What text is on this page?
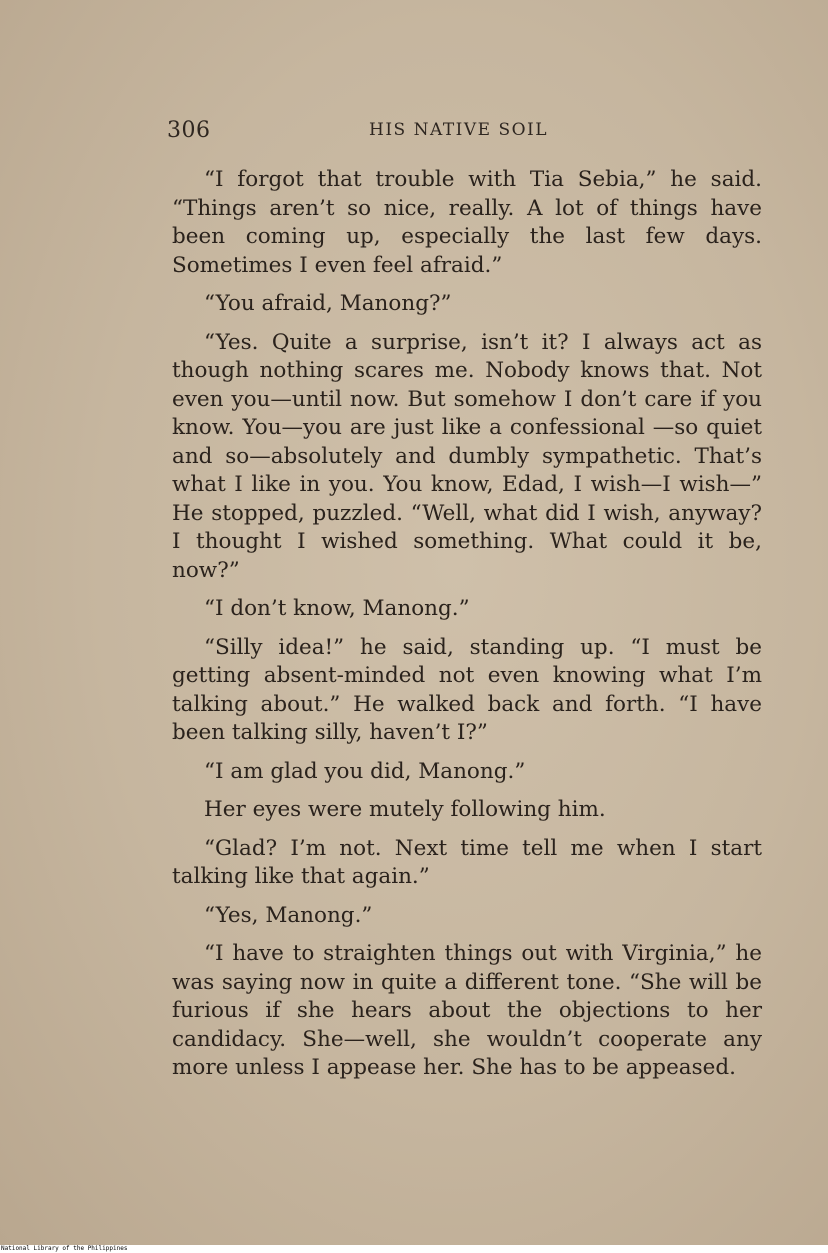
306	HIS NATIVE SOIL

“I forgot that trouble with Tia Sebia,” he said. “Things aren’t so nice, really. A lot of things have been coming up, especially the last few days. Sometimes I even feel afraid.”

“You afraid, Manong?”

“Yes. Quite a surprise, isn’t it? I always act as though nothing scares me. Nobody knows that. Not even you—until now. But somehow I don’t care if you know. You—you are just like a confessional —so quiet and so—absolutely and dumbly sympathetic. That’s what I like in you. You know, Edad, I wish—I wish—” He stopped, puzzled. “Well, what did I wish, anyway? I thought I wished something. What could it be, now?”

“I don’t know, Manong.”

“Silly idea!” he said, standing up. “I must be getting absent-minded not even knowing what I’m talking about.” He walked back and forth. “I have been talking silly, haven’t I?”

“I am glad you did, Manong.”

Her eyes were mutely following him.

“Glad? I’m not. Next time tell me when I start talking like that again.”

“Yes, Manong.”

“I have to straighten things out with Virginia,” he was saying now in quite a different tone. “She will be furious if she hears about the objections to her candidacy. She—well, she wouldn’t cooperate any more unless I appease her. She has to be appeased.

National Library of the Philippines
